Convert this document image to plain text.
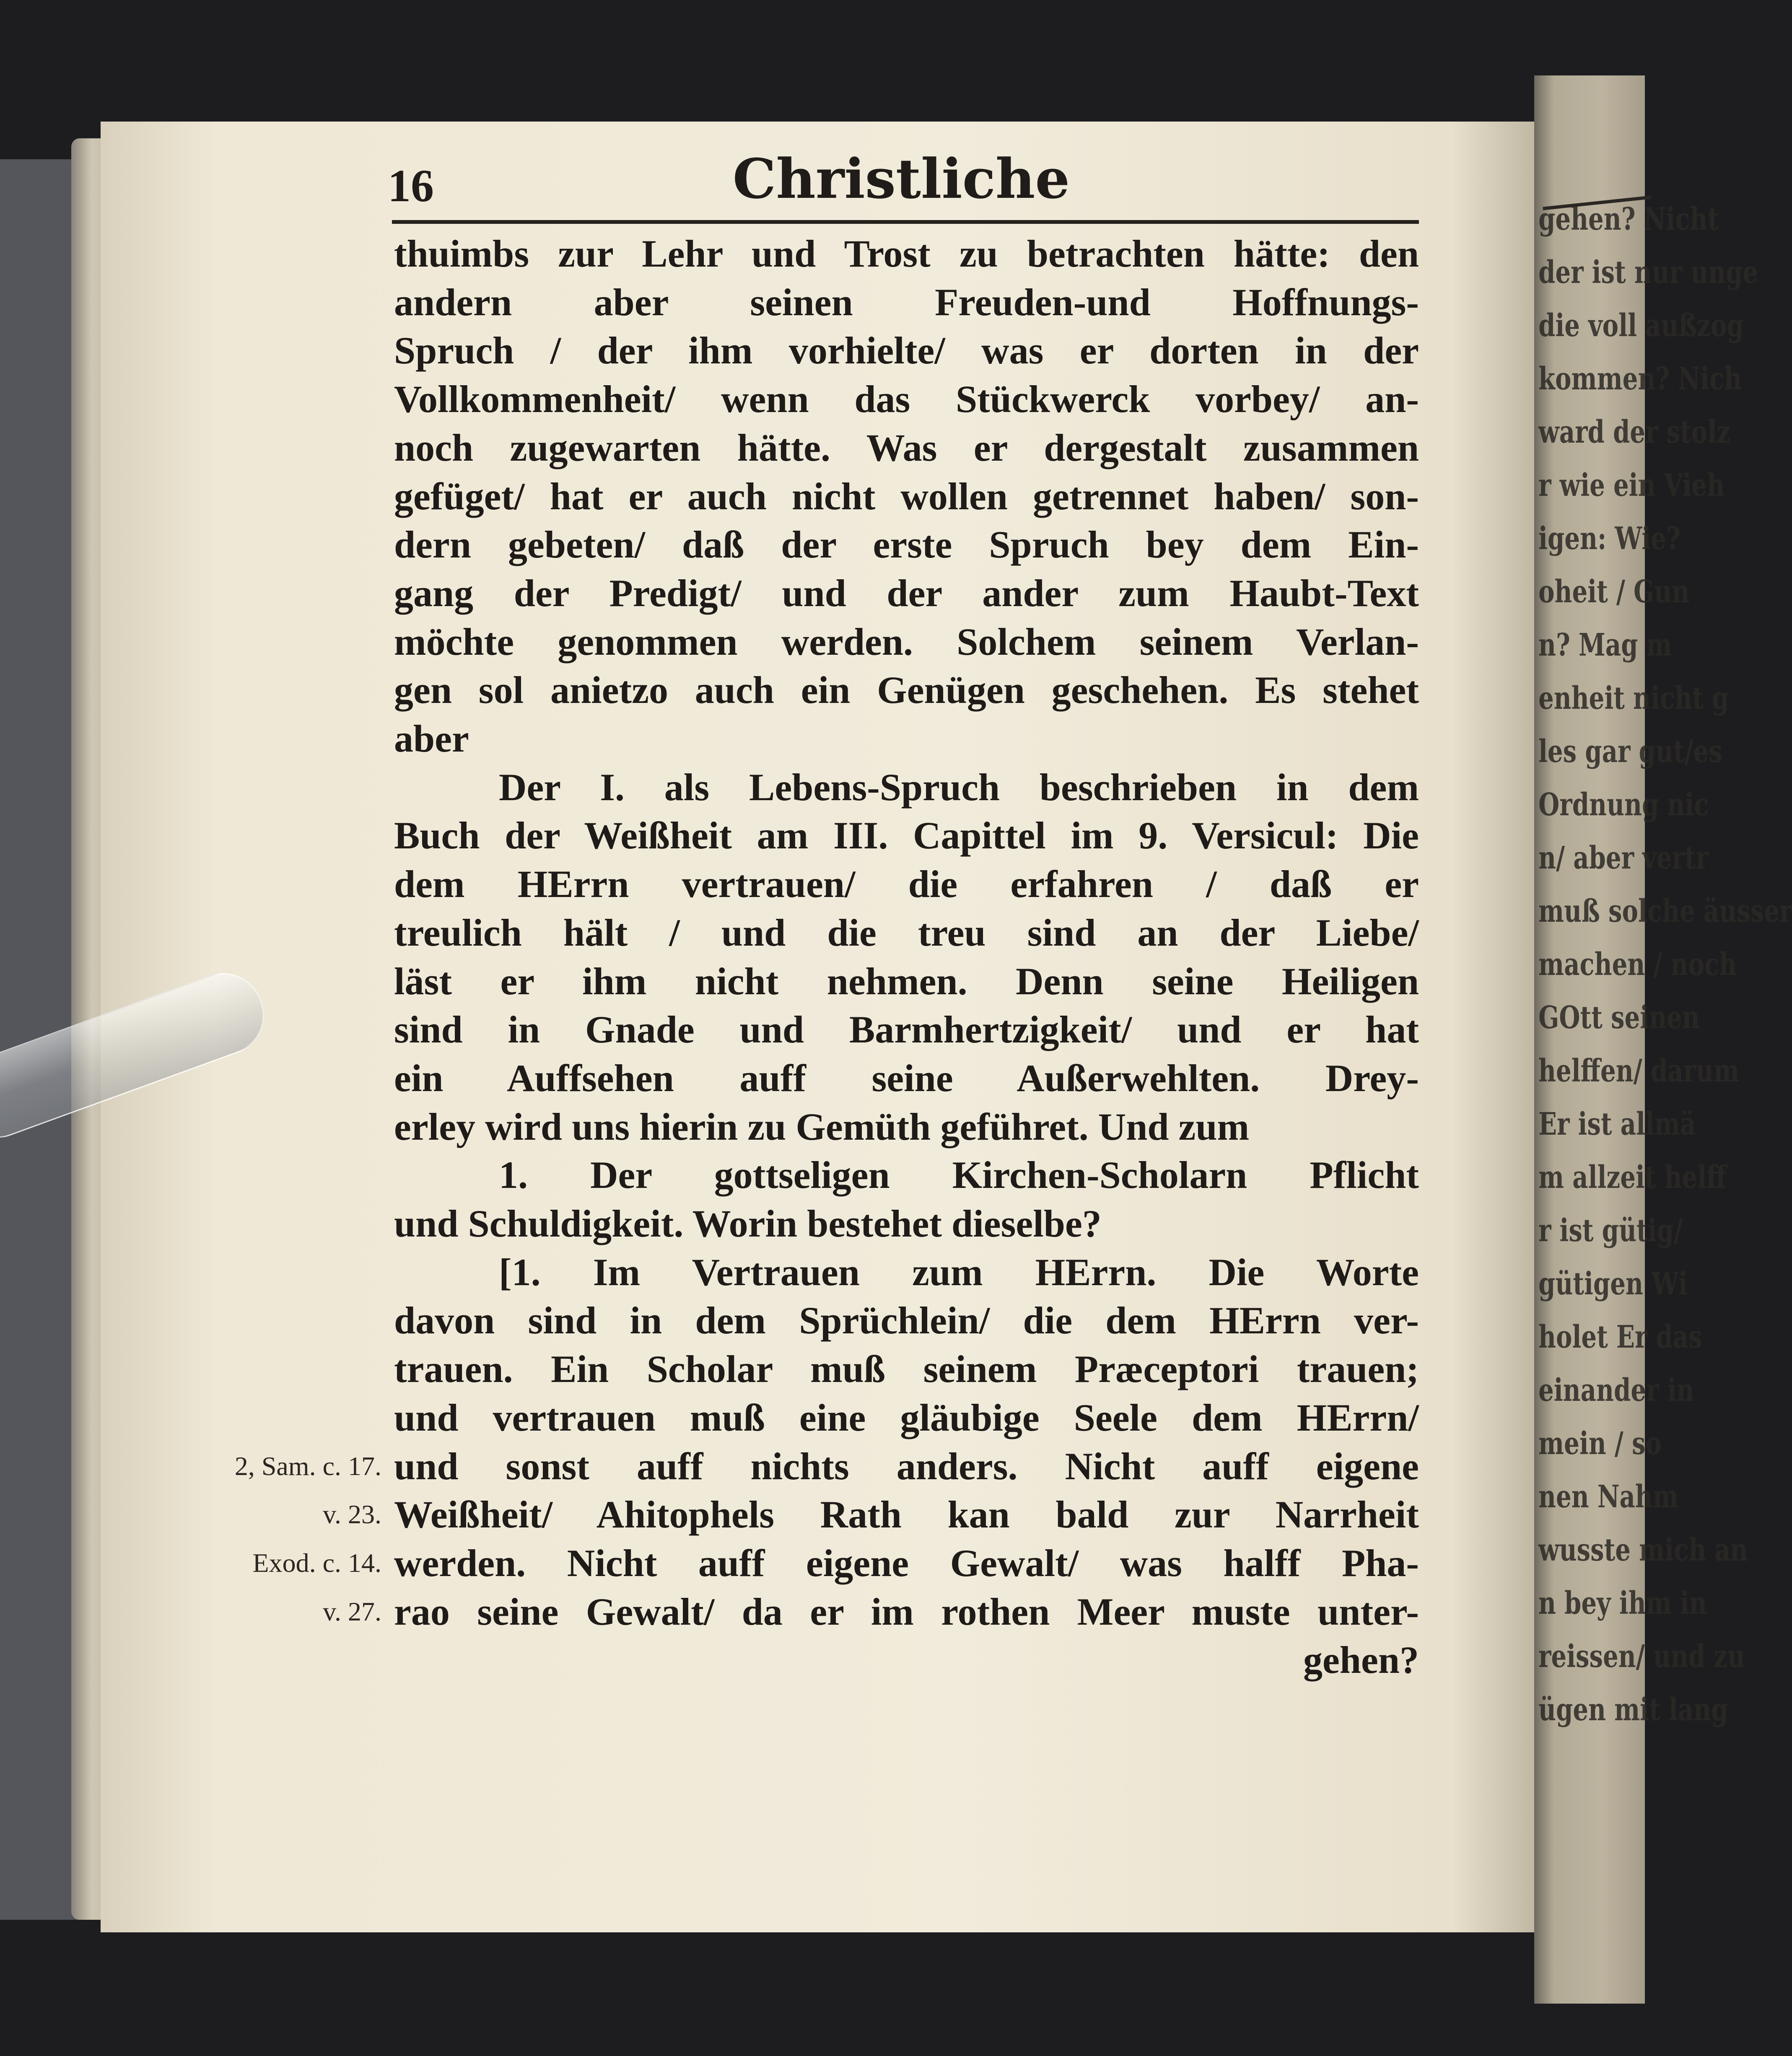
gehen? Nicht
der ist nur unge
die voll außzog
kommen? Nich
ward der stolz
r wie ein Vieh
igen: Wie?
oheit / Gun
n? Mag m
enheit nicht g
les gar gut/es
Ordnung nic
n/ aber vertr
muß solche äusser
machen / noch
GOtt seinen
helffen/ darum
Er ist allmä
m allzeit helff
r ist gütig/
gütigen Wi
holet Er das
einander in
mein / so
nen Nahm
wusste mich an
n bey ihm in
reissen/ und zu
ügen mit lang
16	Christliche
thuimbs zur Lehr und Trost zu betrachten hätte: den
andern aber seinen Freuden-und Hoffnungs-
Spruch / der ihm vorhielte/ was er dorten in der
Vollkommenheit/ wenn das Stückwerck vorbey/ an-
noch zugewarten hätte. Was er dergestalt zusammen
gefüget/ hat er auch nicht wollen getrennet haben/ son-
dern gebeten/ daß der erste Spruch bey dem Ein-
gang der Predigt/ und der ander zum Haubt-Text
möchte genommen werden. Solchem seinem Verlan-
gen sol anietzo auch ein Genügen geschehen. Es stehet
aber
Der I. als Lebens-Spruch beschrieben in dem
Buch der Weißheit am III. Capittel im 9. Versicul: Die
dem HErrn vertrauen/ die erfahren / daß er
treulich hält / und die treu sind an der Liebe/
läst er ihm nicht nehmen. Denn seine Heiligen
sind in Gnade und Barmhertzigkeit/ und er hat
ein Auffsehen auff seine Außerwehlten. Drey-
erley wird uns hierin zu Gemüth geführet. Und zum
1. Der gottseligen Kirchen-Scholarn Pflicht
und Schuldigkeit. Worin bestehet dieselbe?
[1. Im Vertrauen zum HErrn. Die Worte
davon sind in dem Sprüchlein/ die dem HErrn ver-
trauen. Ein Scholar muß seinem Præceptori trauen;
und vertrauen muß eine gläubige Seele dem HErrn/
und sonst auff nichts anders. Nicht auff eigene
Weißheit/ Ahitophels Rath kan bald zur Narrheit
werden. Nicht auff eigene Gewalt/ was halff Pha-
rao seine Gewalt/ da er im rothen Meer muste unter-
gehen?
2, Sam. c. 17.
v. 23.
Exod. c. 14.
v. 27.
